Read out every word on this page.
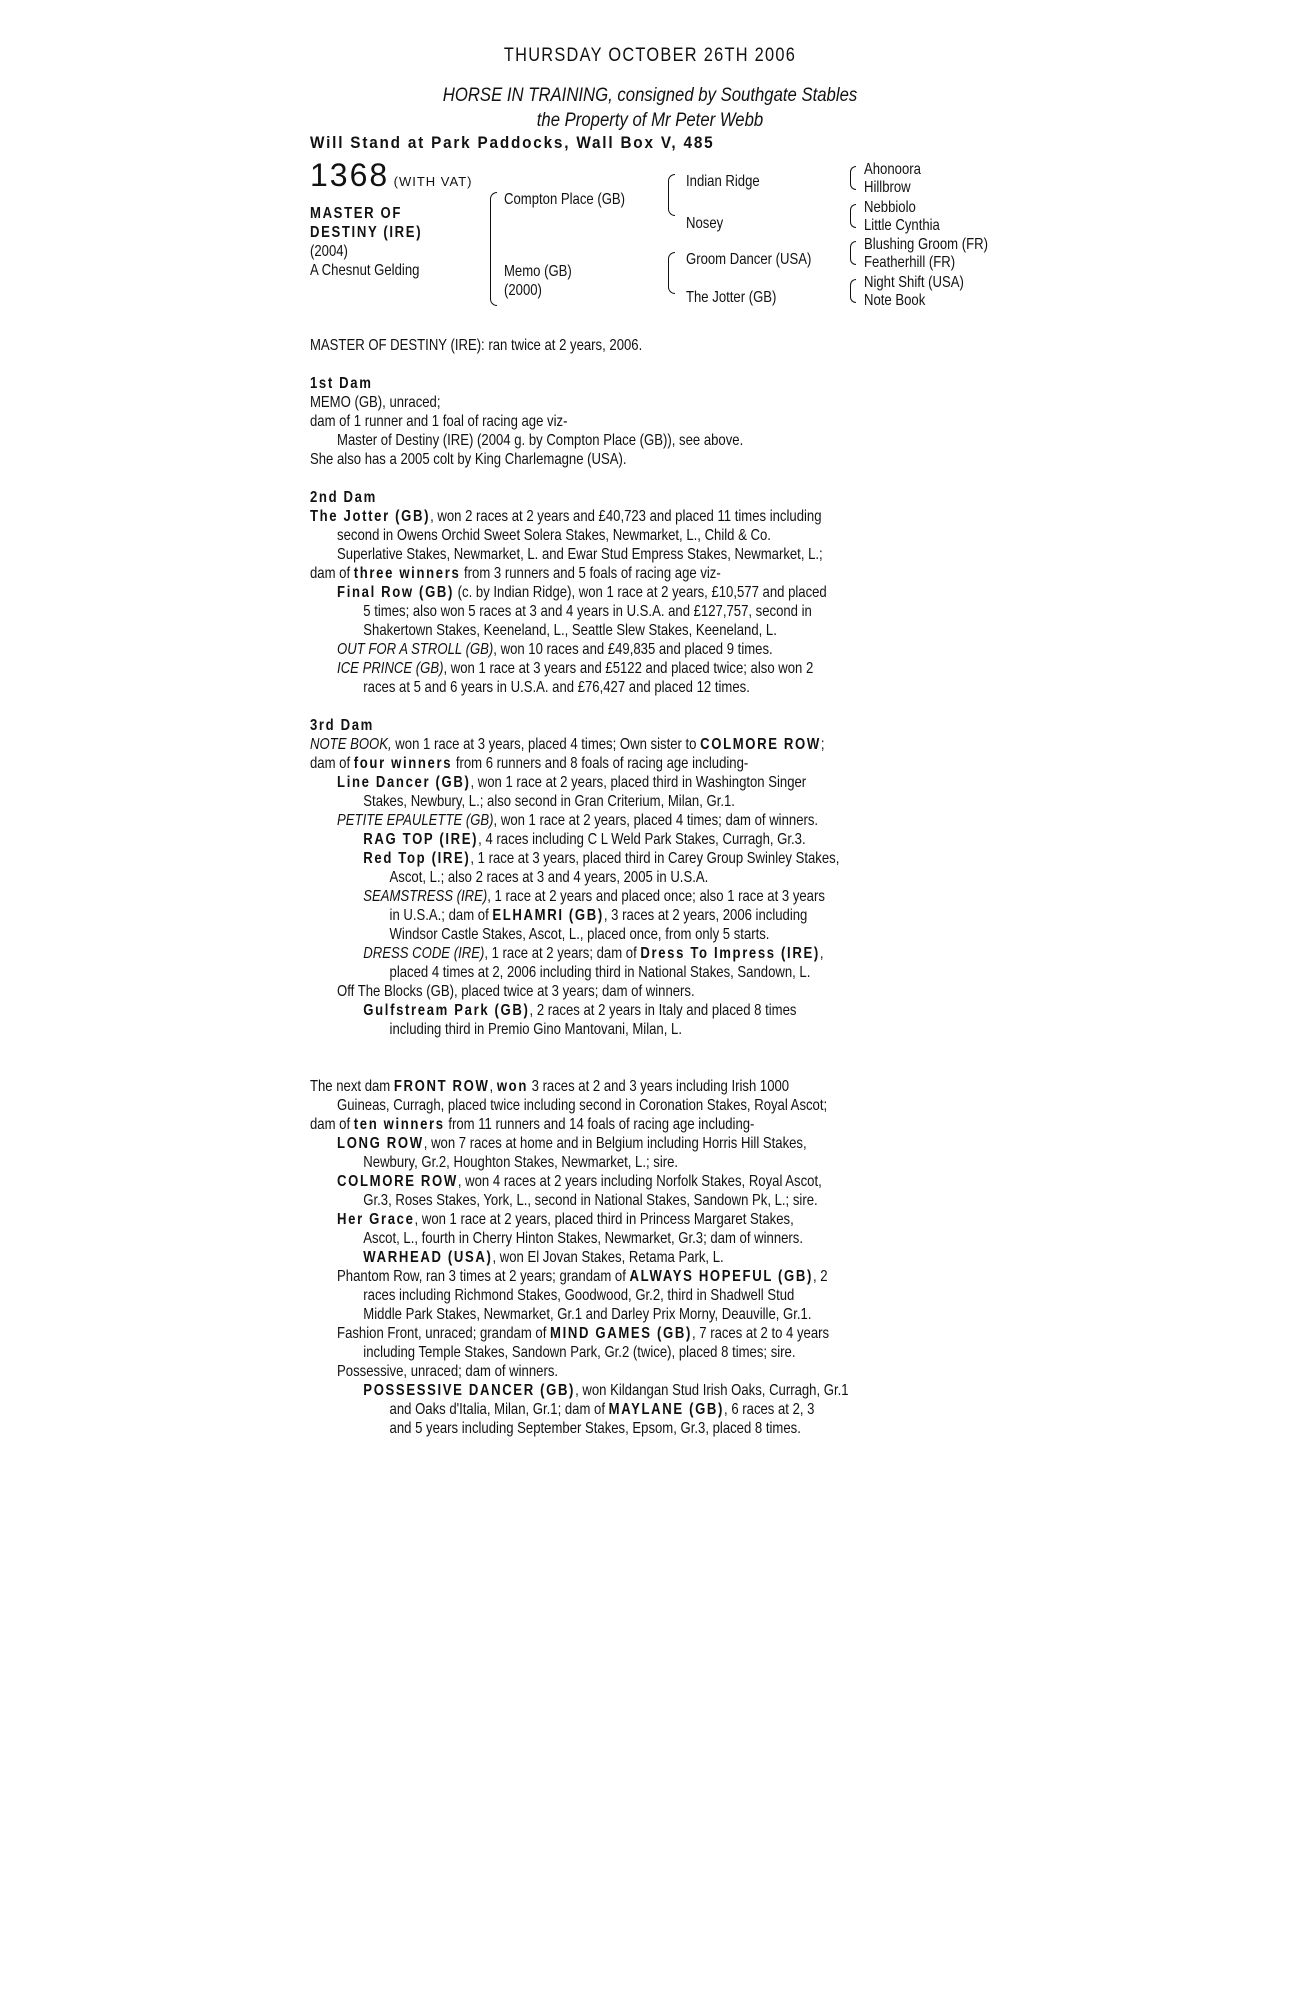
THURSDAY OCTOBER 26TH 2006
HORSE IN TRAINING, consigned by Southgate Stables
the Property of Mr Peter Webb
Will Stand at Park Paddocks, Wall Box V, 485
1368 (WITH VAT)
MASTER OF
DESTINY (IRE)
(2004)
A Chesnut Gelding
Compton Place (GB)
Memo (GB)
(2000)
Indian Ridge
Nosey
Groom Dancer (USA)
The Jotter (GB)
Ahonoora
Hillbrow
Nebbiolo
Little Cynthia
Blushing Groom (FR)
Featherhill (FR)
Night Shift (USA)
Note Book
MASTER OF DESTINY (IRE): ran twice at 2 years, 2006.
1st Dam
MEMO (GB), unraced;
dam of 1 runner and 1 foal of racing age viz-
Master of Destiny (IRE) (2004 g. by Compton Place (GB)), see above.
She also has a 2005 colt by King Charlemagne (USA).
2nd Dam
The Jotter (GB), won 2 races at 2 years and £40,723 and placed 11 times including
second in Owens Orchid Sweet Solera Stakes, Newmarket, L., Child & Co.
Superlative Stakes, Newmarket, L. and Ewar Stud Empress Stakes, Newmarket, L.;
dam of three winners from 3 runners and 5 foals of racing age viz-
Final Row (GB) (c. by Indian Ridge), won 1 race at 2 years, £10,577 and placed
5 times; also won 5 races at 3 and 4 years in U.S.A. and £127,757, second in
Shakertown Stakes, Keeneland, L., Seattle Slew Stakes, Keeneland, L.
OUT FOR A STROLL (GB), won 10 races and £49,835 and placed 9 times.
ICE PRINCE (GB), won 1 race at 3 years and £5122 and placed twice; also won 2
races at 5 and 6 years in U.S.A. and £76,427 and placed 12 times.
3rd Dam
NOTE BOOK, won 1 race at 3 years, placed 4 times; Own sister to COLMORE ROW;
dam of four winners from 6 runners and 8 foals of racing age including-
Line Dancer (GB), won 1 race at 2 years, placed third in Washington Singer
Stakes, Newbury, L.; also second in Gran Criterium, Milan, Gr.1.
PETITE EPAULETTE (GB), won 1 race at 2 years, placed 4 times; dam of winners.
RAG TOP (IRE), 4 races including C L Weld Park Stakes, Curragh, Gr.3.
Red Top (IRE), 1 race at 3 years, placed third in Carey Group Swinley Stakes,
Ascot, L.; also 2 races at 3 and 4 years, 2005 in U.S.A.
SEAMSTRESS (IRE), 1 race at 2 years and placed once; also 1 race at 3 years
in U.S.A.; dam of ELHAMRI (GB), 3 races at 2 years, 2006 including
Windsor Castle Stakes, Ascot, L., placed once, from only 5 starts.
DRESS CODE (IRE), 1 race at 2 years; dam of Dress To Impress (IRE),
placed 4 times at 2, 2006 including third in National Stakes, Sandown, L.
Off The Blocks (GB), placed twice at 3 years; dam of winners.
Gulfstream Park (GB), 2 races at 2 years in Italy and placed 8 times
including third in Premio Gino Mantovani, Milan, L.
The next dam FRONT ROW, won 3 races at 2 and 3 years including Irish 1000
Guineas, Curragh, placed twice including second in Coronation Stakes, Royal Ascot;
dam of ten winners from 11 runners and 14 foals of racing age including-
LONG ROW, won 7 races at home and in Belgium including Horris Hill Stakes,
Newbury, Gr.2, Houghton Stakes, Newmarket, L.; sire.
COLMORE ROW, won 4 races at 2 years including Norfolk Stakes, Royal Ascot,
Gr.3, Roses Stakes, York, L., second in National Stakes, Sandown Pk, L.; sire.
Her Grace, won 1 race at 2 years, placed third in Princess Margaret Stakes,
Ascot, L., fourth in Cherry Hinton Stakes, Newmarket, Gr.3; dam of winners.
WARHEAD (USA), won El Jovan Stakes, Retama Park, L.
Phantom Row, ran 3 times at 2 years; grandam of ALWAYS HOPEFUL (GB), 2
races including Richmond Stakes, Goodwood, Gr.2, third in Shadwell Stud
Middle Park Stakes, Newmarket, Gr.1 and Darley Prix Morny, Deauville, Gr.1.
Fashion Front, unraced; grandam of MIND GAMES (GB), 7 races at 2 to 4 years
including Temple Stakes, Sandown Park, Gr.2 (twice), placed 8 times; sire.
Possessive, unraced; dam of winners.
POSSESSIVE DANCER (GB), won Kildangan Stud Irish Oaks, Curragh, Gr.1
and Oaks d'Italia, Milan, Gr.1; dam of MAYLANE (GB), 6 races at 2, 3
and 5 years including September Stakes, Epsom, Gr.3, placed 8 times.
